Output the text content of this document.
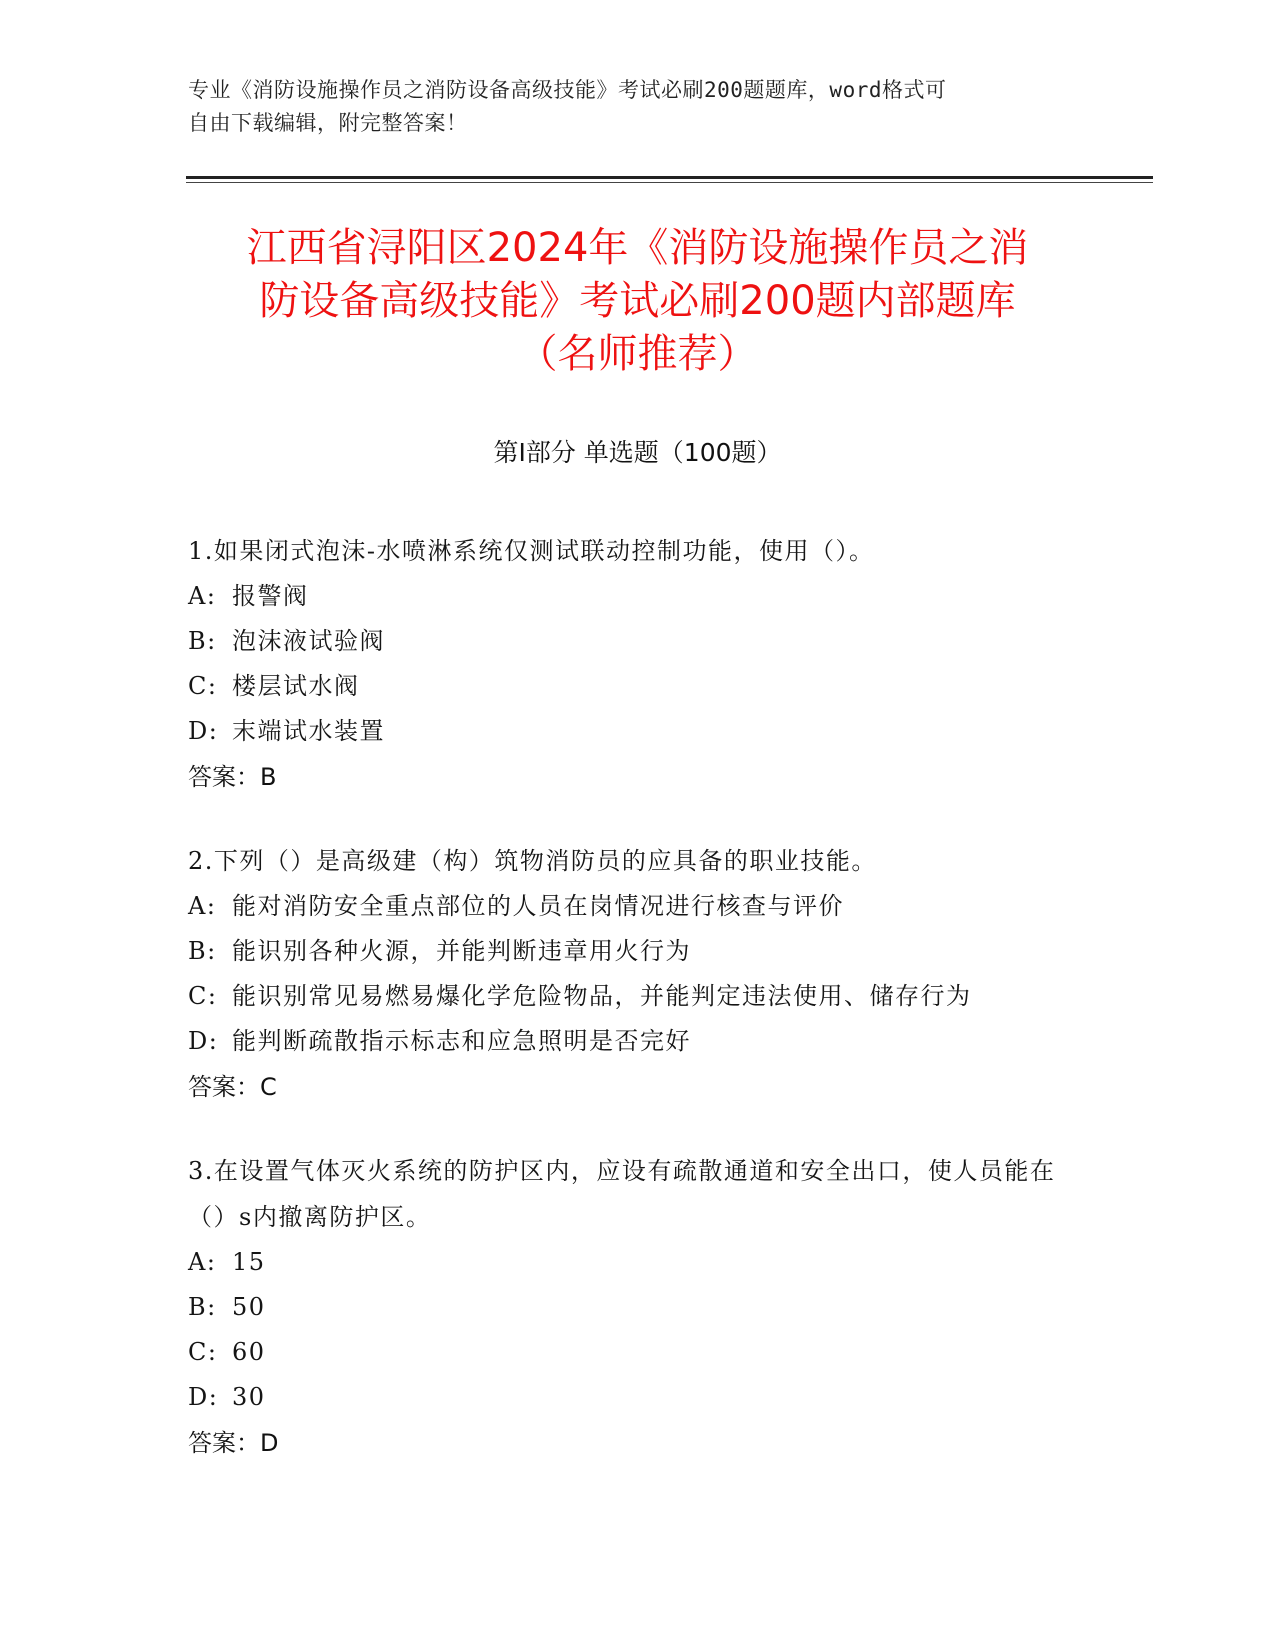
专业《消防设施操作员之消防设备高级技能》考试必刷200题题库，word格式可
自由下载编辑，附完整答案！
江西省浔阳区2024年《消防设施操作员之消
防设备高级技能》考试必刷200题内部题库
（名师推荐）
第I部分 单选题（100题）
1.如果闭式泡沫-水喷淋系统仅测试联动控制功能，使用（）。
A: 报警阀
B: 泡沫液试验阀
C: 楼层试水阀
D: 末端试水装置
答案：B
2.下列（）是高级建（构）筑物消防员的应具备的职业技能。
A: 能对消防安全重点部位的人员在岗情况进行核查与评价
B: 能识别各种火源，并能判断违章用火行为
C: 能识别常见易燃易爆化学危险物品，并能判定违法使用、储存行为
D: 能判断疏散指示标志和应急照明是否完好
答案：C
3.在设置气体灭火系统的防护区内，应设有疏散通道和安全出口，使人员能在（）s内撤离防护区。
A: 15
B: 50
C: 60
D: 30
答案：D
